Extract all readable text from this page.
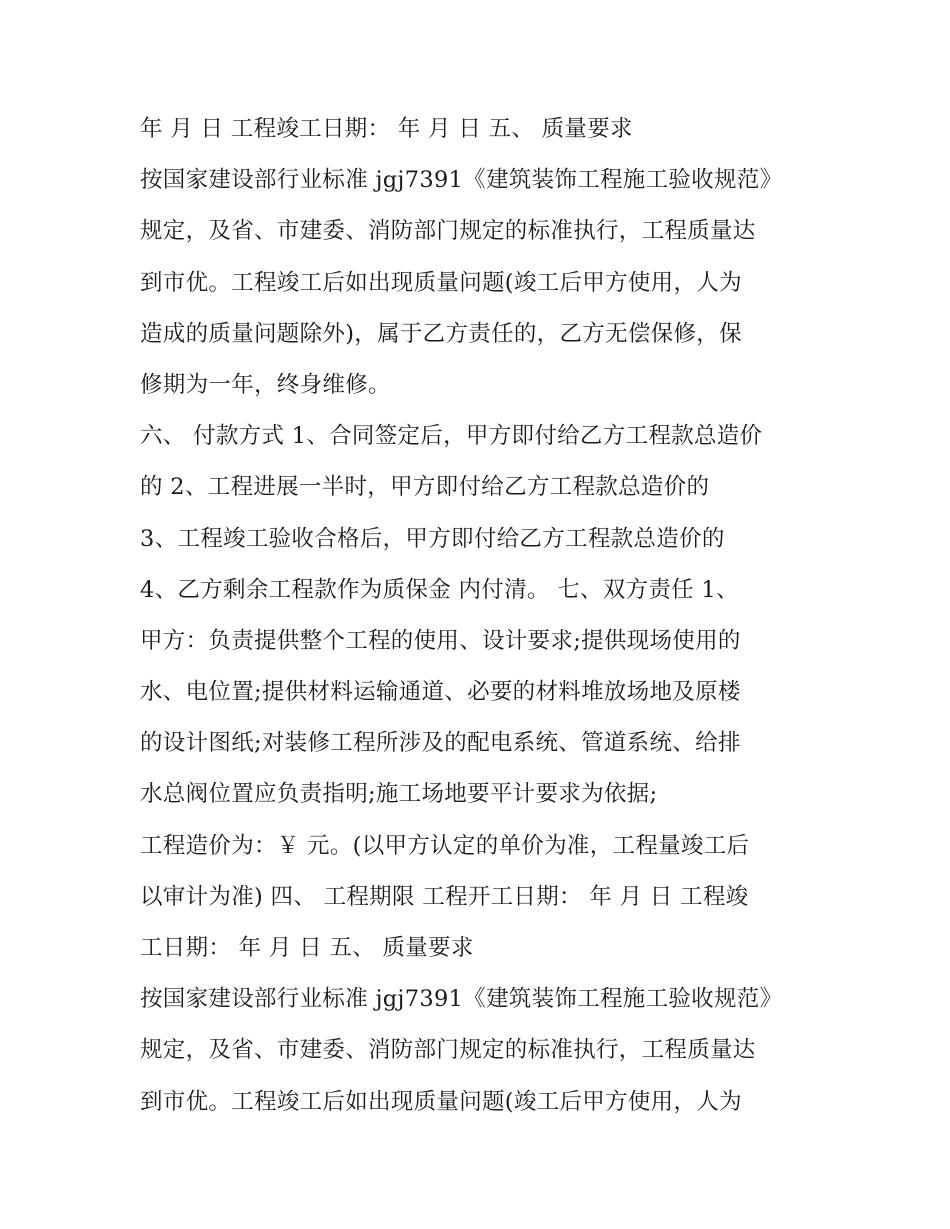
年 月 日 工程竣工日期： 年 月 日 五、 质量要求
按国家建设部行业标准 jgj7391《建筑装饰工程施工验收规范》
规定，及省、市建委、消防部门规定的标准执行，工程质量达
到市优。工程竣工后如出现质量问题(竣工后甲方使用，人为
造成的质量问题除外)，属于乙方责任的，乙方无偿保修，保
修期为一年，终身维修。
六、 付款方式 1、合同签定后，甲方即付给乙方工程款总造价
的 2、工程进展一半时，甲方即付给乙方工程款总造价的
3、工程竣工验收合格后，甲方即付给乙方工程款总造价的
4、乙方剩余工程款作为质保金 内付清。 七、双方责任 1、
甲方：负责提供整个工程的使用、设计要求;提供现场使用的
水、电位置;提供材料运输通道、必要的材料堆放场地及原楼
的设计图纸;对装修工程所涉及的配电系统、管道系统、给排
水总阀位置应负责指明;施工场地要平计要求为依据;
工程造价为：￥ 元。(以甲方认定的单价为准，工程量竣工后
以审计为准) 四、 工程期限 工程开工日期： 年 月 日 工程竣
工日期： 年 月 日 五、 质量要求
按国家建设部行业标准 jgj7391《建筑装饰工程施工验收规范》
规定，及省、市建委、消防部门规定的标准执行，工程质量达
到市优。工程竣工后如出现质量问题(竣工后甲方使用，人为
